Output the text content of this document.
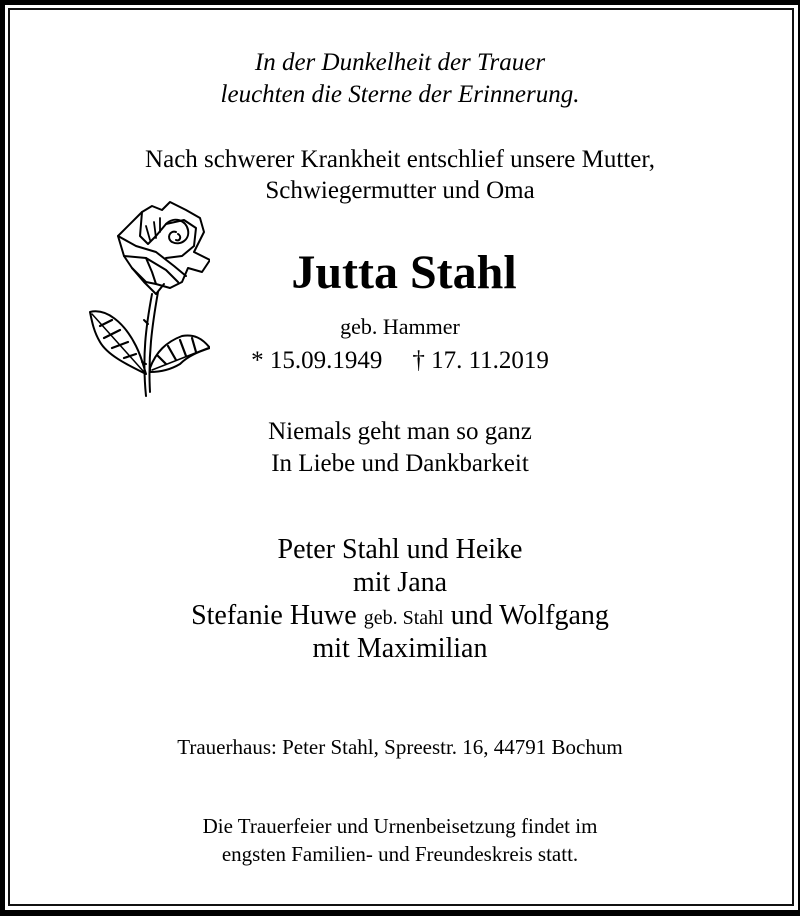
In der Dunkelheit der Trauer
leuchten die Sterne der Erinnerung.
Nach schwerer Krankheit entschlief unsere Mutter,
Schwiegermutter und Oma
Jutta Stahl
geb. Hammer
* 15.09.1949 † 17. 11.2019
Niemals geht man so ganz
In Liebe und Dankbarkeit
Peter Stahl und Heike
mit Jana
Stefanie Huwe geb. Stahl und Wolfgang
mit Maximilian
Trauerhaus: Peter Stahl, Spreestr. 16, 44791 Bochum
Die Trauerfeier und Urnenbeisetzung findet im
engsten Familien- und Freundeskreis statt.
